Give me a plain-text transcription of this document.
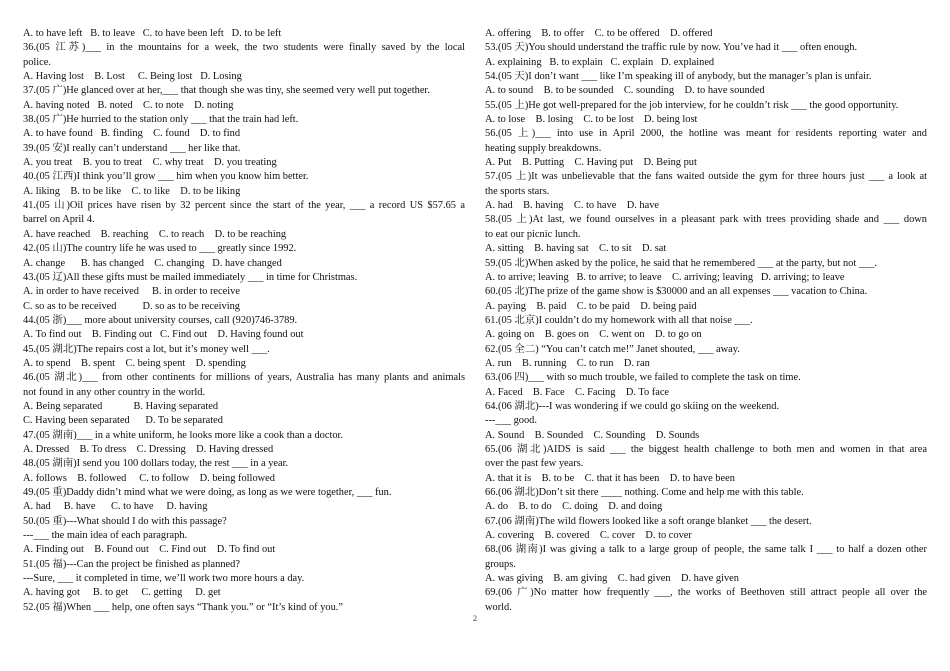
A. to have left   B. to leave   C. to have been left   D. to be left
36.(05 江苏)___ in the mountains for a week, the two students were finally saved by the local
police.
A. Having lost    B. Lost     C. Being lost   D. Losing
37.(05 广)He glanced over at her,___ that though she was tiny, she seemed very well put together.
A. having noted   B. noted    C. to note    D. noting
38.(05 广)He hurried to the station only ___ that the train had left.
A. to have found   B. finding    C. found    D. to find
39.(05 安)I really can’t understand ___ her like that.
A. you treat    B. you to treat    C. why treat    D. you treating
40.(05 江西)I think you’ll grow ___ him when you know him better.
A. liking    B. to be like    C. to like    D. to be liking
41.(05 山)Oil prices have risen by 32 percent since the start of the year, ___ a record US $57.65 a
barrel on April 4.
A. have reached    B. reaching    C. to reach    D. to be reaching
42.(05 山)The country life he was used to ___ greatly since 1992.
A. change      B. has changed    C. changing   D. have changed
43.(05 辽)All these gifts must be mailed immediately ___ in time for Christmas.
A. in order to have received     B. in order to receive
C. so as to be received          D. so as to be receiving
44.(05 浙)___ more about university courses, call (920)746-3789.
A. To find out    B. Finding out   C. Find out    D. Having found out
45.(05 湖北)The repairs cost a lot, but it’s money well ___.
A. to spend    B. spent    C. being spent    D. spending
46.(05 湖北)___ from other continents for millions of years, Australia has many plants and animals
not found in any other country in the world.
A. Being separated            B. Having separated
C. Having been separated      D. To be separated
47.(05 湖南)___ in a white uniform, he looks more like a cook than a doctor.
A. Dressed    B. To dress    C. Dressing    D. Having dressed
48.(05 湖南)I send you 100 dollars today, the rest ___ in a year.
A. follows    B. followed     C. to follow    D. being followed
49.(05 重)Daddy didn’t mind what we were doing, as long as we were together, ___ fun.
A. had     B. have      C. to have     D. having
50.(05 重)---What should I do with this passage?
---___ the main idea of each paragraph.
A. Finding out    B. Found out    C. Find out    D. To find out
51.(05 福)---Can the project be finished as planned?
---Sure, ___ it completed in time, we’ll work two more hours a day.
A. having got     B. to get     C. getting     D. get
52.(05 福)When ___ help, one often says “Thank you.” or “It’s kind of you.”
A. offering    B. to offer    C. to be offered    D. offered
53.(05 天)You should understand the traffic rule by now. You’ve had it ___ often enough.
A. explaining   B. to explain   C. explain   D. explained
54.(05 天)I don’t want ___ like I’m speaking ill of anybody, but the manager’s plan is unfair.
A. to sound    B. to be sounded    C. sounding    D. to have sounded
55.(05 上)He got well-prepared for the job interview, for he couldn’t risk ___ the good opportunity.
A. to lose    B. losing    C. to be lost    D. being lost
56.(05 上)___ into use in April 2000, the hotline was meant for residents reporting water and
heating supply breakdowns.
A. Put    B. Putting    C. Having put    D. Being put
57.(05 上)It was unbelievable that the fans waited outside the gym for three hours just ___ a look at
the sports stars.
A. had    B. having    C. to have    D. have
58.(05 上)At last, we found ourselves in a pleasant park with trees providing shade and ___ down
to eat our picnic lunch.
A. sitting    B. having sat    C. to sit    D. sat
59.(05 北)When asked by the police, he said that he remembered ___ at the party, but not ___.
A. to arrive; leaving   B. to arrive; to leave    C. arriving; leaving   D. arriving; to leave
60.(05 北)The prize of the game show is $30000 and an all expenses ___ vacation to China.
A. paying    B. paid    C. to be paid    D. being paid
61.(05 北京)I couldn’t do my homework with all that noise ___.
A. going on    B. goes on    C. went on    D. to go on
62.(05 全二) “You can’t catch me!” Janet shouted, ___ away.
A. run    B. running    C. to run    D. ran
63.(06 四)___ with so much trouble, we failed to complete the task on time.
A. Faced    B. Face    C. Facing    D. To face
64.(06 湖北)---I was wondering if we could go skiing on the weekend.
---___ good.
A. Sound    B. Sounded    C. Sounding    D. Sounds
65.(06 湖北)AIDS is said ___ the biggest health challenge to both men and women in that area
over the past few years.
A. that it is    B. to be    C. that it has been    D. to have been
66.(06 湖北)Don’t sit there ____ nothing. Come and help me with this table.
A. do    B. to do    C. doing    D. and doing
67.(06 湖南)The wild flowers looked like a soft orange blanket ___ the desert.
A. covering    B. covered    C. cover    D. to cover
68.(06 湖南)I was giving a talk to a large group of people, the same talk I ___ to half a dozen other
groups.
A. was giving    B. am giving    C. had given    D. have given
69.(06 广)No matter how frequently ___, the works of Beethoven still attract people all over the
world.
2
